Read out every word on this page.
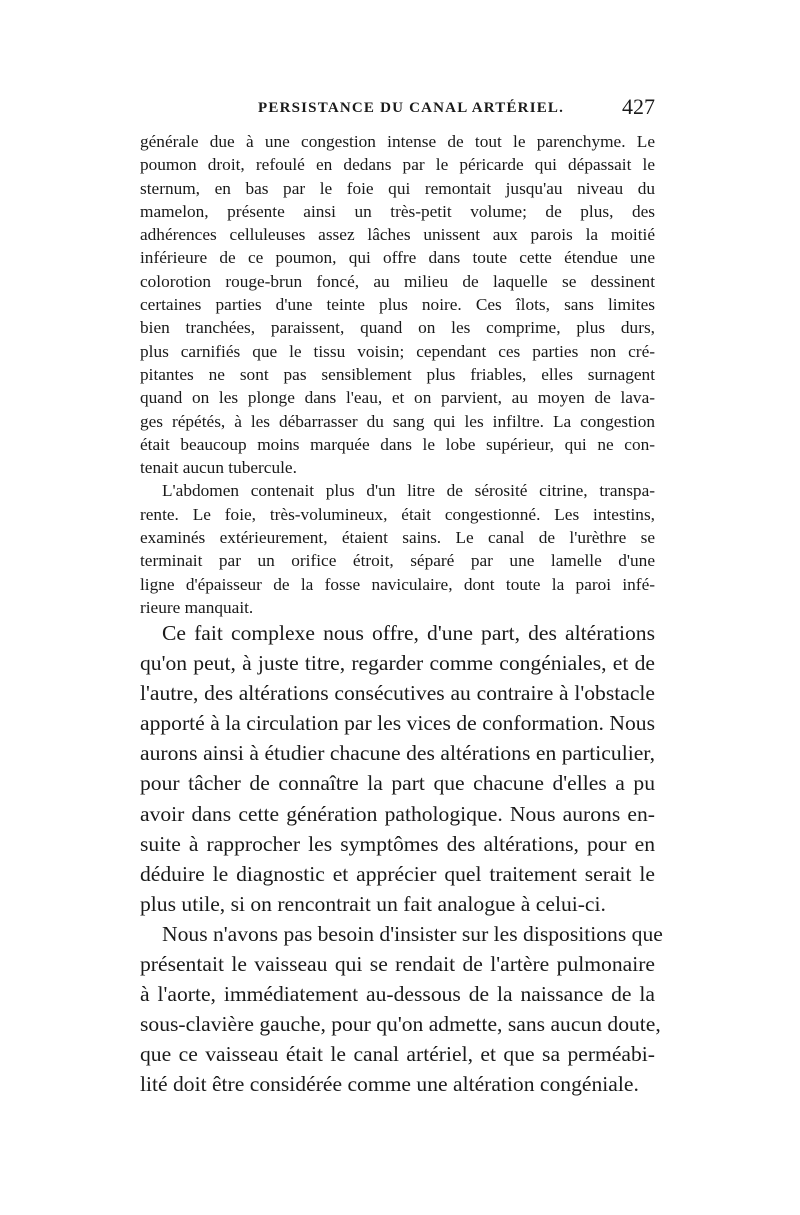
PERSISTANCE DU CANAL ARTÉRIEL.	427
générale due à une congestion intense de tout le parenchyme. Le
poumon droit, refoulé en dedans par le péricarde qui dépassait le
sternum, en bas par le foie qui remontait jusqu'au niveau du
mamelon, présente ainsi un très-petit volume; de plus, des
adhérences celluleuses assez lâches unissent aux parois la moitié
inférieure de ce poumon, qui offre dans toute cette étendue une
colorotion rouge-brun foncé, au milieu de laquelle se dessinent
certaines parties d'une teinte plus noire. Ces îlots, sans limites
bien tranchées, paraissent, quand on les comprime, plus durs,
plus carnifiés que le tissu voisin; cependant ces parties non cré-
pitantes ne sont pas sensiblement plus friables, elles surnagent
quand on les plonge dans l'eau, et on parvient, au moyen de lava-
ges répétés, à les débarrasser du sang qui les infiltre. La congestion
était beaucoup moins marquée dans le lobe supérieur, qui ne con-
tenait aucun tubercule.
L'abdomen contenait plus d'un litre de sérosité citrine, transpa-
rente. Le foie, très-volumineux, était congestionné. Les intestins,
examinés extérieurement, étaient sains. Le canal de l'urèthre se
terminait par un orifice étroit, séparé par une lamelle d'une
ligne d'épaisseur de la fosse naviculaire, dont toute la paroi infé-
rieure manquait.
Ce fait complexe nous offre, d'une part, des altérations
qu'on peut, à juste titre, regarder comme congéniales, et de
l'autre, des altérations consécutives au contraire à l'obstacle
apporté à la circulation par les vices de conformation. Nous
aurons ainsi à étudier chacune des altérations en particulier,
pour tâcher de connaître la part que chacune d'elles a pu
avoir dans cette génération pathologique. Nous aurons en-
suite à rapprocher les symptômes des altérations, pour en
déduire le diagnostic et apprécier quel traitement serait le
plus utile, si on rencontrait un fait analogue à celui-ci.
Nous n'avons pas besoin d'insister sur les dispositions que
présentait le vaisseau qui se rendait de l'artère pulmonaire
à l'aorte, immédiatement au-dessous de la naissance de la
sous-clavière gauche, pour qu'on admette, sans aucun doute,
que ce vaisseau était le canal artériel, et que sa perméabi-
lité doit être considérée comme une altération congéniale.
